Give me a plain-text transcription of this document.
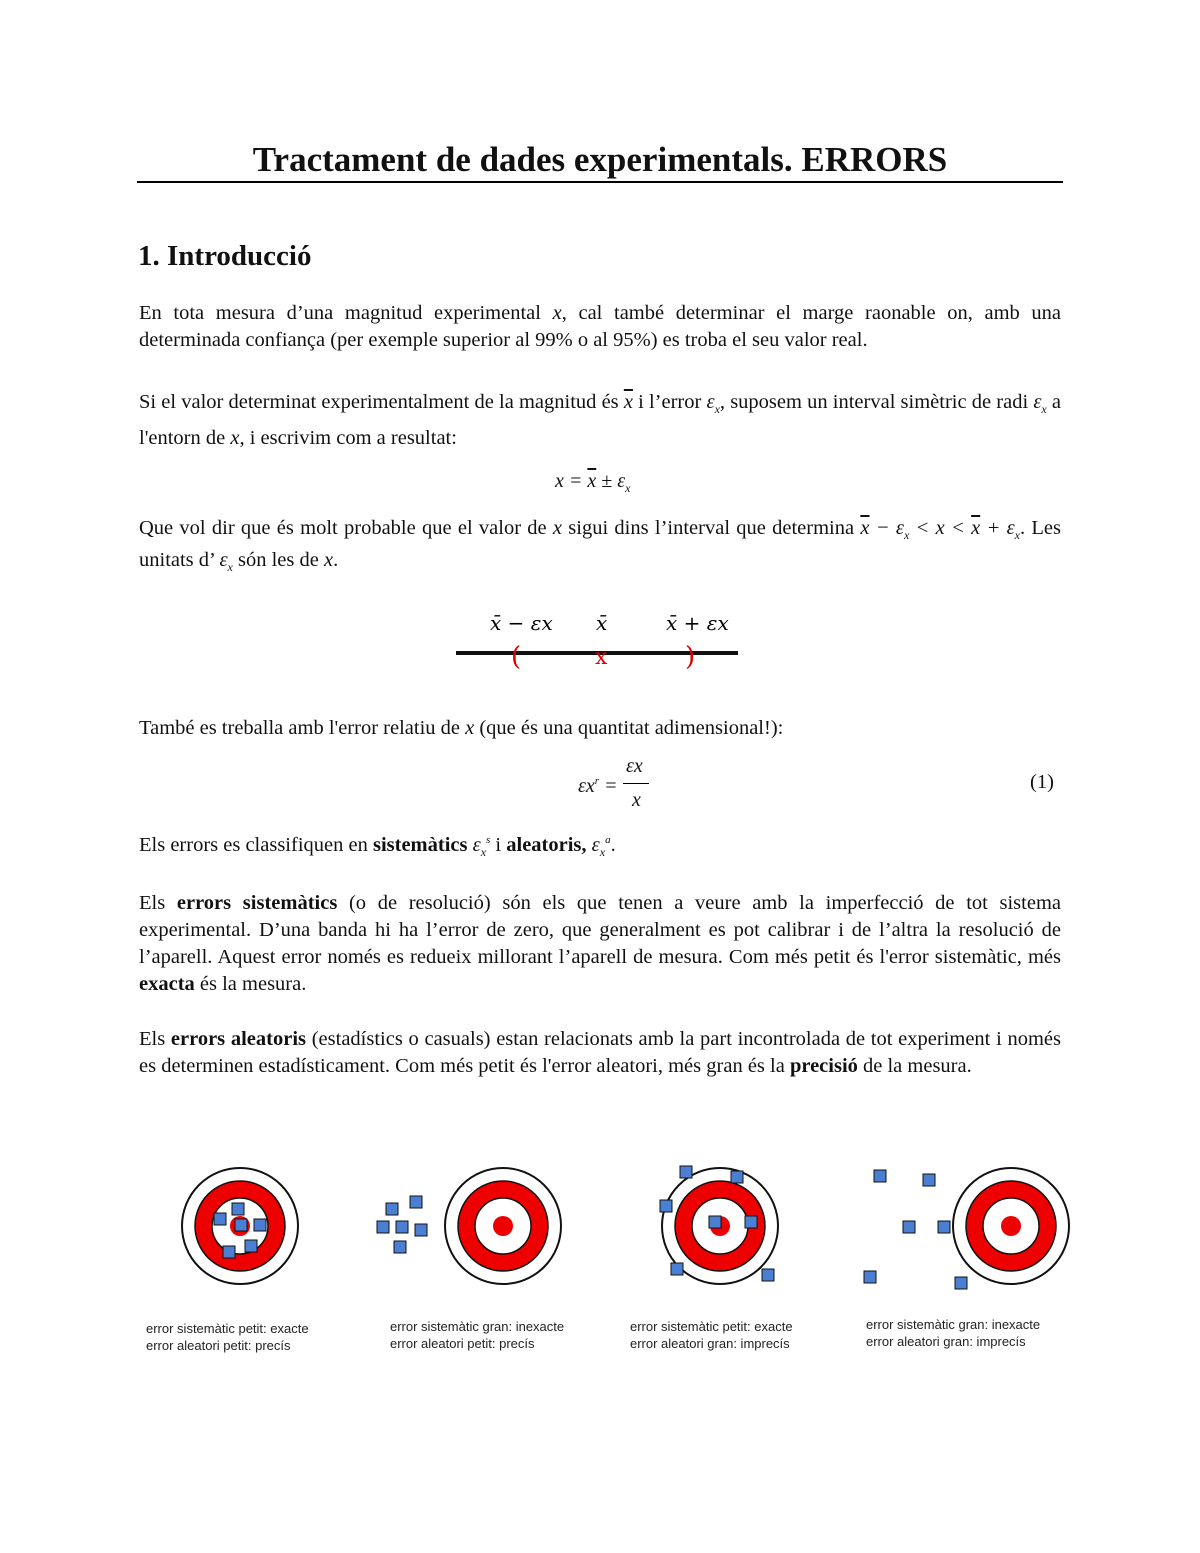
Tractament de dades experimentals. ERRORS
1. Introducció

En tota mesura d’una magnitud experimental x, cal també determinar el marge raonable on, amb una determinada confiança (per exemple superior al 99% o al 95%) es troba el seu valor real.

Si el valor determinat experimentalment de la magnitud és $\overline{x}$ i l’error $\varepsilon_x$, suposem un interval simètric de radi $\varepsilon_x$ a l'entorn de x, i escrivim com a resultat:

$x = \overline{x} \pm \varepsilon_x$

Que vol dir que és molt probable que el valor de x sigui dins l’interval que determina $\overline{x} - \varepsilon_x < x < \overline{x} + \varepsilon_x$. Les unitats d’ $\varepsilon_x$ són les de x.

x̄ − εx x̄	x̄ + εx
(	x	)

També es treballa amb l'error relatiu de x (que és una quantitat adimensional!):

$\varepsilon x^r$ =
εx
x
(1)

Els errors es classifiquen en sistemàtics $\varepsilon_x^s$ i aleatoris, $\varepsilon_x^a$.

Els errors sistemàtics (o de resolució) són els que tenen a veure amb la imperfecció de tot sistema experimental. D’una banda hi ha l’error de zero, que generalment es pot calibrar i de l’altra la resolució de l’aparell. Aquest error només es redueix millorant l’aparell de mesura. Com més petit és l'error sistemàtic, més exacta és la mesura.

Els errors aleatoris (estadístics o casuals) estan relacionats amb la part incontrolada de tot experiment i només es determinen estadísticament. Com més petit és l'error aleatori, més gran és la precisió de la mesura.

error sistemàtic petit: exacte
error aleatori petit: precís
error sistemàtic gran: inexacte
error aleatori petit: precís
error sistemàtic petit: exacte
error aleatori gran: imprecís
error sistemàtic gran: inexacte
error aleatori gran: imprecís
